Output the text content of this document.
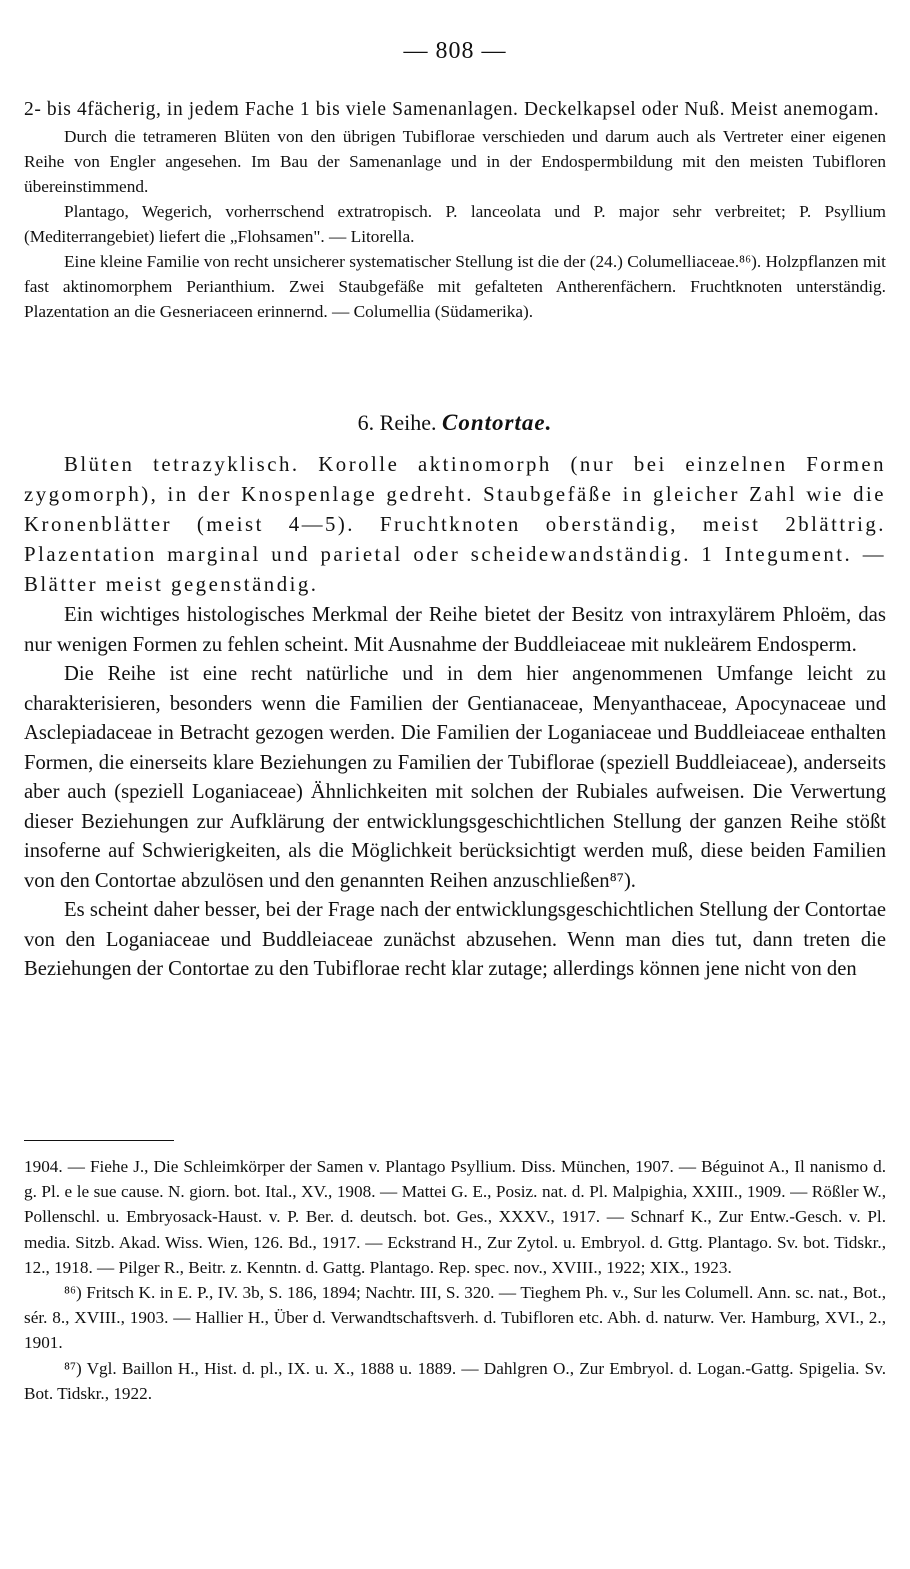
— 808 —
2- bis 4fächerig, in jedem Fache 1 bis viele Samenanlagen. Deckelkapsel oder Nuß. Meist anemogam.
Durch die tetrameren Blüten von den übrigen Tubiflorae verschieden und darum auch als Vertreter einer eigenen Reihe von Engler angesehen. Im Bau der Samenanlage und in der Endospermbildung mit den meisten Tubifloren übereinstimmend.
Plantago, Wegerich, vorherrschend extratropisch. P. lanceolata und P. major sehr verbreitet; P. Psyllium (Mediterrangebiet) liefert die „Flohsamen". — Litorella.
Eine kleine Familie von recht unsicherer systematischer Stellung ist die der (24.) Columelliaceae.⁸⁶). Holzpflanzen mit fast aktinomorphem Perianthium. Zwei Staubgefäße mit gefalteten Antherenfächern. Fruchtknoten unterständig. Plazentation an die Gesneriaceen erinnernd. — Columellia (Südamerika).
6. Reihe. Contortae.
Blüten tetrazyklisch. Korolle aktinomorph (nur bei einzelnen Formen zygomorph), in der Knospenlage gedreht. Staubgefäße in gleicher Zahl wie die Kronenblätter (meist 4—5). Fruchtknoten oberständig, meist 2blättrig. Plazentation marginal und parietal oder scheidewandständig. 1 Integument. — Blätter meist gegenständig.
Ein wichtiges histologisches Merkmal der Reihe bietet der Besitz von intraxylärem Phloëm, das nur wenigen Formen zu fehlen scheint. Mit Ausnahme der Buddleiaceae mit nukleärem Endosperm.
Die Reihe ist eine recht natürliche und in dem hier angenommenen Umfange leicht zu charakterisieren, besonders wenn die Familien der Gentianaceae, Menyanthaceae, Apocynaceae und Asclepiadaceae in Betracht gezogen werden. Die Familien der Loganiaceae und Buddleiaceae enthalten Formen, die einerseits klare Beziehungen zu Familien der Tubiflorae (speziell Buddleiaceae), anderseits aber auch (speziell Loganiaceae) Ähnlichkeiten mit solchen der Rubiales aufweisen. Die Verwertung dieser Beziehungen zur Aufklärung der entwicklungsgeschichtlichen Stellung der ganzen Reihe stößt insoferne auf Schwierigkeiten, als die Möglichkeit berücksichtigt werden muß, diese beiden Familien von den Contortae abzulösen und den genannten Reihen anzuschließen⁸⁷).
Es scheint daher besser, bei der Frage nach der entwicklungsgeschichtlichen Stellung der Contortae von den Loganiaceae und Buddleiaceae zunächst abzusehen. Wenn man dies tut, dann treten die Beziehungen der Contortae zu den Tubiflorae recht klar zutage; allerdings können jene nicht von den
1904. — Fiehe J., Die Schleimkörper der Samen v. Plantago Psyllium. Diss. München, 1907. — Béguinot A., Il nanismo d. g. Pl. e le sue cause. N. giorn. bot. Ital., XV., 1908. — Mattei G. E., Posiz. nat. d. Pl. Malpighia, XXIII., 1909. — Rößler W., Pollenschl. u. Embryosack-Haust. v. P. Ber. d. deutsch. bot. Ges., XXXV., 1917. — Schnarf K., Zur Entw.-Gesch. v. Pl. media. Sitzb. Akad. Wiss. Wien, 126. Bd., 1917. — Eckstrand H., Zur Zytol. u. Embryol. d. Gttg. Plantago. Sv. bot. Tidskr., 12., 1918. — Pilger R., Beitr. z. Kenntn. d. Gattg. Plantago. Rep. spec. nov., XVIII., 1922; XIX., 1923.
⁸⁶) Fritsch K. in E. P., IV. 3b, S. 186, 1894; Nachtr. III, S. 320. — Tieghem Ph. v., Sur les Columell. Ann. sc. nat., Bot., sér. 8., XVIII., 1903. — Hallier H., Über d. Verwandtschaftsverh. d. Tubifloren etc. Abh. d. naturw. Ver. Hamburg, XVI., 2., 1901.
⁸⁷) Vgl. Baillon H., Hist. d. pl., IX. u. X., 1888 u. 1889. — Dahlgren O., Zur Embryol. d. Logan.-Gattg. Spigelia. Sv. Bot. Tidskr., 1922.
